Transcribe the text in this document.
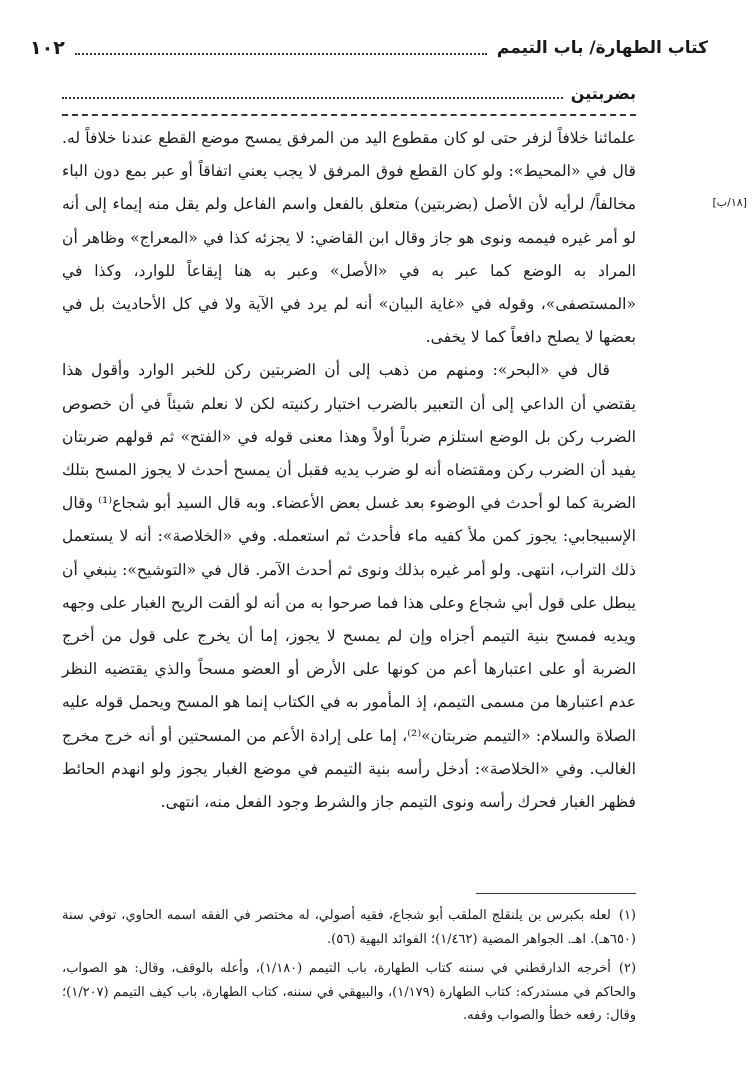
كتاب الطهارة/ باب التيمم
١٠٢
بضربتين
[١٨/ب]

علمائنا خلافاً لزفر حتى لو كان مقطوع اليد من المرفق يمسح موضع القطع عندنا خلافاً له. قال في «المحيط»: ولو كان القطع فوق المرفق لا يجب يعني اتفاقاً أو عبر بمع دون الباء مخالفاً/ لرأيه لأن الأصل (بضربتين) متعلق بالفعل واسم الفاعل ولم يقل منه إيماء إلى أنه لو أمر غيره فيممه ونوى هو جاز وقال ابن القاضي: لا يجزئه كذا في «المعراج» وظاهر أن المراد به الوضع كما عبر به في «الأصل» وعبر به هنا إيقاعاً للوارد، وكذا في «المستصفى»، وقوله في «غاية البيان» أنه لم يرد في الآية ولا في كل الأحاديث بل في بعضها لا يصلح دافعاً كما لا يخفى.

قال في «البحر»: ومنهم من ذهب إلى أن الضربتين ركن للخبر الوارد وأقول هذا يقتضي أن الداعي إلى أن التعبير بالضرب اختيار ركنيته لكن لا نعلم شيئاً في أن خصوص الضرب ركن بل الوضع استلزم ضرباً أولاً وهذا معنى قوله في «الفتح» ثم قولهم ضربتان يفيد أن الضرب ركن ومقتضاه أنه لو ضرب يديه فقبل أن يمسح أحدث لا يجوز المسح بتلك الضربة كما لو أحدث في الوضوء بعد غسل بعض الأعضاء. وبه قال السيد أبو شجاع⁽¹⁾ وقال الإسبيجابي: يجوز كمن ملأ كفيه ماء فأحدث ثم استعمله. وفي «الخلاصة»: أنه لا يستعمل ذلك التراب، انتهى. ولو أمر غيره بذلك ونوى ثم أحدث الآمر. قال في «التوشيح»: ينبغي أن يبطل على قول أبي شجاع وعلى هذا فما صرحوا به من أنه لو ألقت الريح الغبار على وجهه ويديه فمسح بنية التيمم أجزاه وإن لم يمسح لا يجوز، إما أن يخرج على قول من أخرج الضربة أو على اعتبارها أعم من كونها على الأرض أو العضو مسحاً والذي يقتضيه النظر عدم اعتبارها من مسمى التيمم، إذ المأمور به في الكتاب إنما هو المسح ويحمل قوله عليه الصلاة والسلام: «التيمم ضربتان»⁽²⁾، إما على إرادة الأعم من المسحتين أو أنه خرج مخرج الغالب. وفي «الخلاصة»: أدخل رأسه بنية التيمم في موضع الغبار يجوز ولو انهدم الحائط فظهر الغبار فحرك رأسه ونوى التيمم جاز والشرط وجود الفعل منه، انتهى.

(١)لعله بكبرس بن يلنقلج الملقب أبو شجاع، فقيه أصولي، له مختصر في الفقه اسمه الحاوي، توفي سنة (٦٥٠هـ). اهـ. الجواهر المضية (١/٤٦٢)؛ الفوائد البهية (٥٦).

(٢)أخرجه الدارقطني في سننه كتاب الطهارة، باب التيمم (١/١٨٠)، وأعله بالوقف، وقال: هو الصواب، والحاكم في مستدركه: كتاب الطهارة (١/١٧٩)، والبيهقي في سننه، كتاب الطهارة، باب كيف التيمم (١/٢٠٧)؛ وقال: رفعه خطأ والصواب وقفه.
